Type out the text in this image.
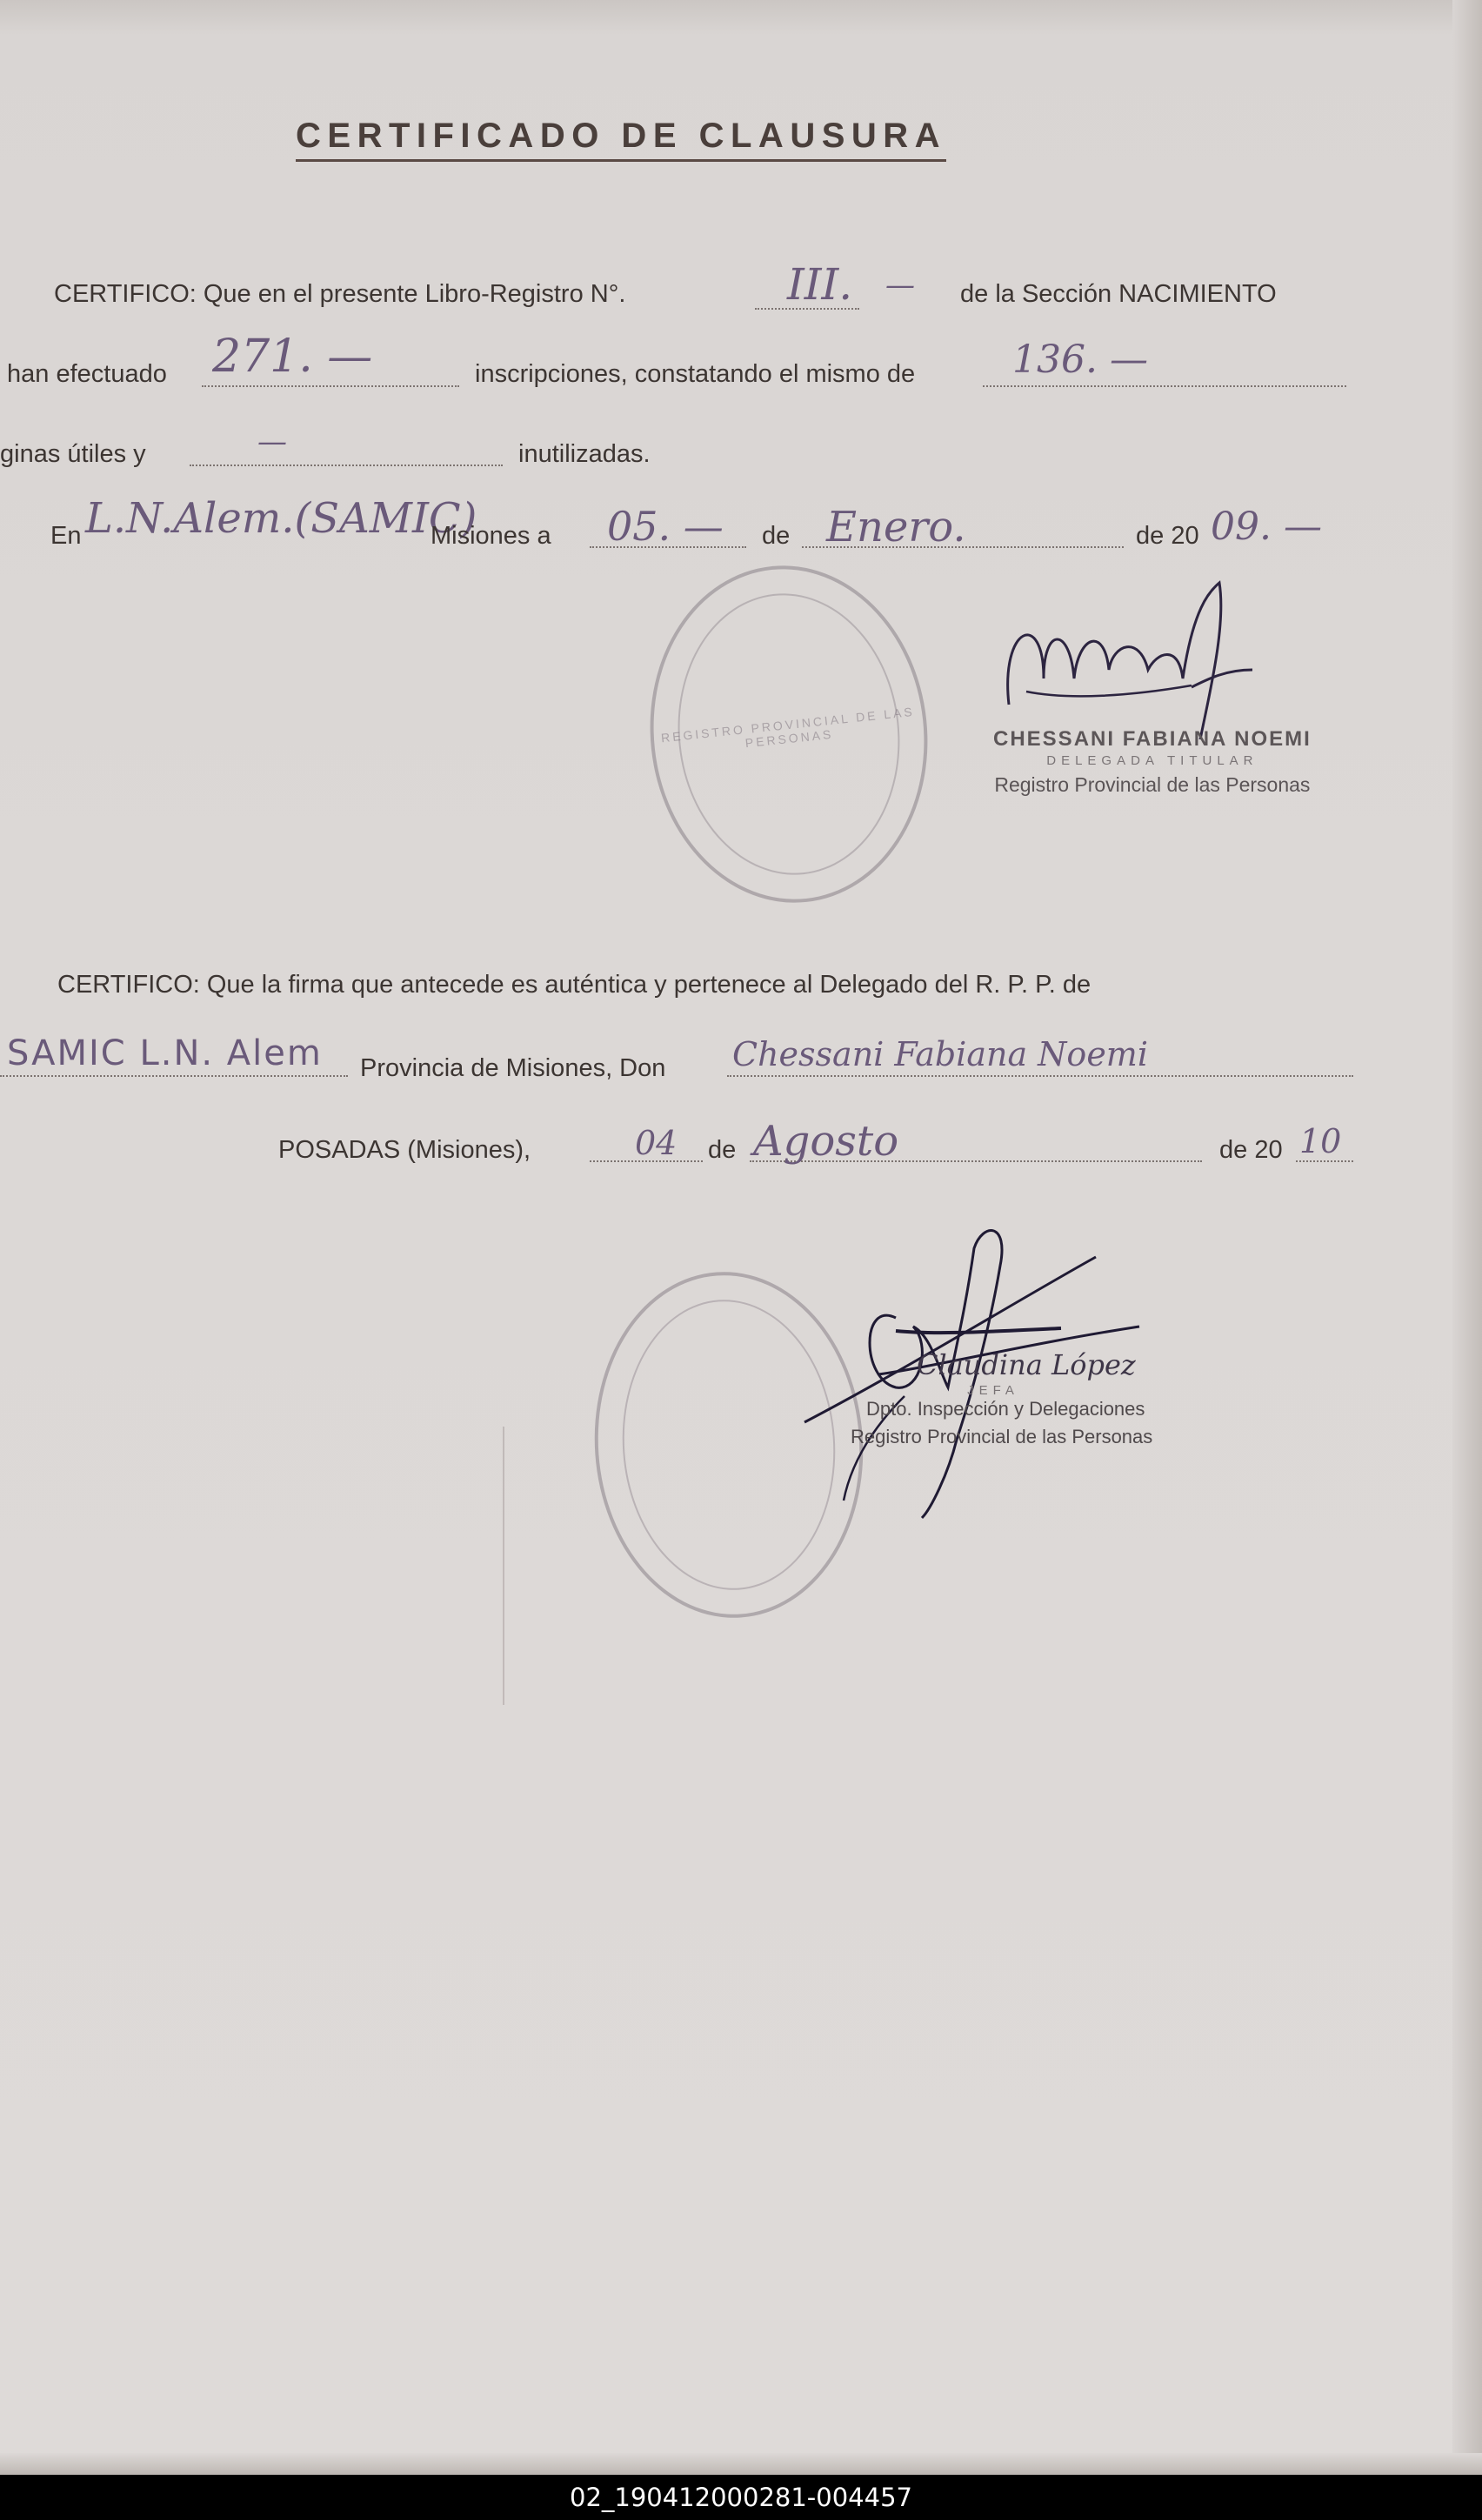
CERTIFICADO DE CLAUSURA
CERTIFICO: Que en el presente Libro-Registro N°.	III. — de la Sección NACIMIENTO
han efectuado 271. —	inscripciones, constatando el mismo de	136. —
ginas útiles y	—	inutilizadas.
En L.N.Alem.(SAMIC)
Misiones a 05. — de Enero.	de 20 09. —
REGISTRO PROVINCIAL DE LAS PERSONAS	CHESSANI FABIANA NOEMI
DELEGADA TITULAR
Registro Provincial de las Personas
CERTIFICO: Que la firma que antecede es auténtica y pertenece al Delegado del R. P. P. de
SAMIC L.N. Alem Provincia de Misiones, Don Chessani Fabiana Noemi
POSADAS (Misiones),	04 de Agosto	de 20 10
Claudina López
JEFA
Dpto. Inspección y Delegaciones
Registro Provincial de las Personas
02_190412000281-004457
